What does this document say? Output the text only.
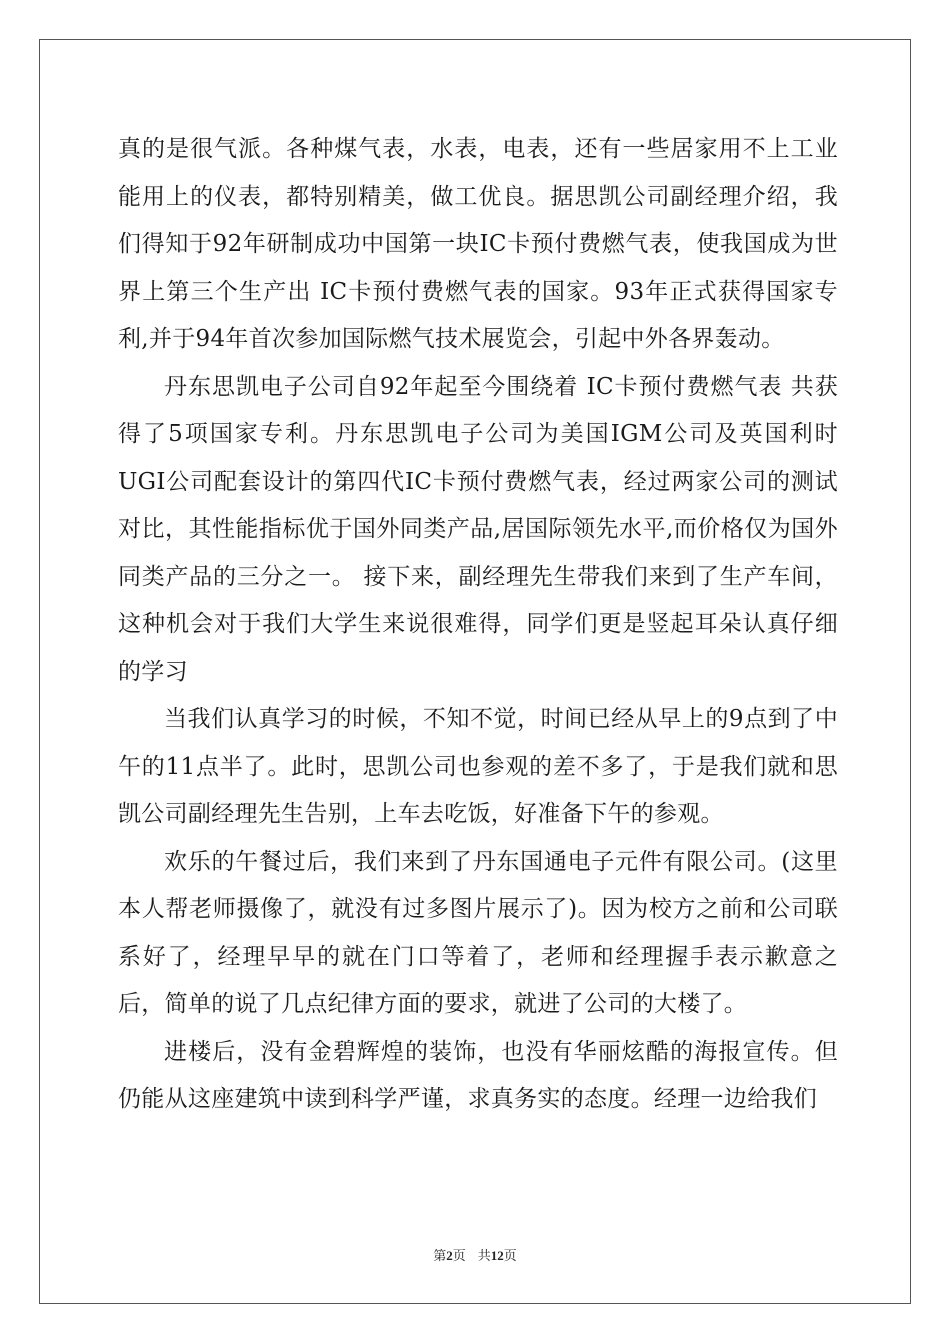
真的是很气派。各种煤气表，水表，电表，还有一些居家用不上工业能用上的仪表，都特别精美，做工优良。据思凯公司副经理介绍，我们得知于92年研制成功中国第一块IC卡预付费燃气表，使我国成为世界上第三个生产出 IC卡预付费燃气表的国家。93年正式获得国家专利,并于94年首次参加国际燃气技术展览会，引起中外各界轰动。

丹东思凯电子公司自92年起至今围绕着 IC卡预付费燃气表 共获得了5项国家专利。丹东思凯电子公司为美国IGM公司及英国利时UGI公司配套设计的第四代IC卡预付费燃气表，经过两家公司的测试对比，其性能指标优于国外同类产品,居国际领先水平,而价格仅为国外同类产品的三分之一。 接下来，副经理先生带我们来到了生产车间，这种机会对于我们大学生来说很难得，同学们更是竖起耳朵认真仔细的学习

当我们认真学习的时候，不知不觉，时间已经从早上的9点到了中午的11点半了。此时，思凯公司也参观的差不多了，于是我们就和思凯公司副经理先生告别，上车去吃饭，好准备下午的参观。

欢乐的午餐过后，我们来到了丹东国通电子元件有限公司。(这里本人帮老师摄像了，就没有过多图片展示了)。因为校方之前和公司联系好了，经理早早的就在门口等着了，老师和经理握手表示歉意之后，简单的说了几点纪律方面的要求，就进了公司的大楼了。

进楼后，没有金碧辉煌的装饰，也没有华丽炫酷的海报宣传。但仍能从这座建筑中读到科学严谨，求真务实的态度。经理一边给我们

第2页 共12页
